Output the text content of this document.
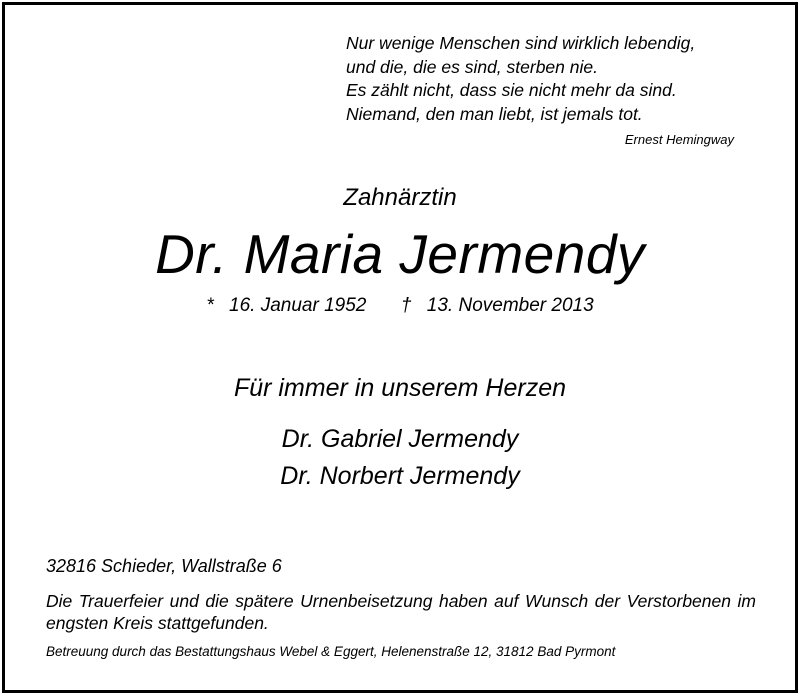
Nur wenige Menschen sind wirklich lebendig,
und die, die es sind, sterben nie.
Es zählt nicht, dass sie nicht mehr da sind.
Niemand, den man liebt, ist jemals tot.
Ernest Hemingway
Zahnärztin
Dr. Maria Jermendy
* 16. Januar 1952 † 13. November 2013
Für immer in unserem Herzen
Dr. Gabriel Jermendy
Dr. Norbert Jermendy
32816 Schieder, Wallstraße 6
Die Trauerfeier und die spätere Urnenbeisetzung haben auf Wunsch der Verstorbenen im engsten Kreis stattgefunden.
Betreuung durch das Bestattungshaus Webel & Eggert, Helenenstraße 12, 31812 Bad Pyrmont
